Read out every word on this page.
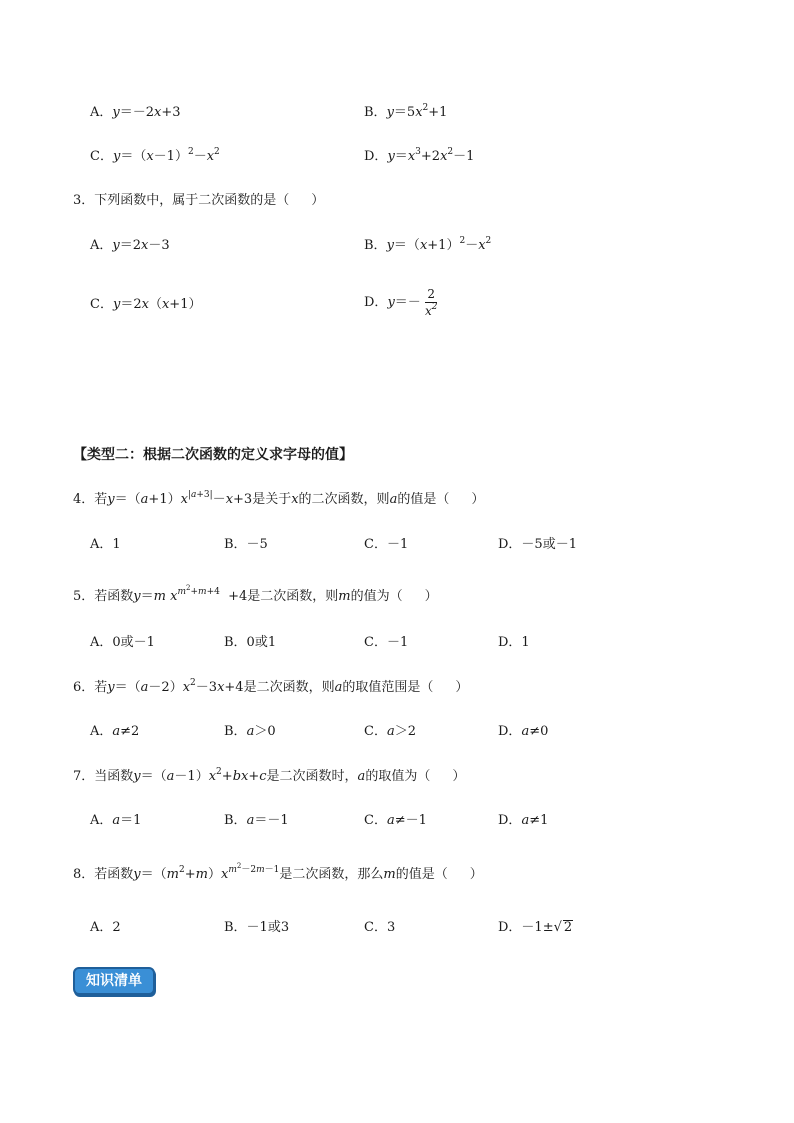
A．y＝－2x+3	B．$y=5x^2+1$
C．$y=(x-1)^2-x^2$	D．$y=x^3+2x^2-1$
3．下列函数中，属于二次函数的是（ ）
A．y＝2x－3	B．$y=(x+1)^2-x^2$
C．y＝2x（x+1）	D．$y=- \frac{2}{x^2}$
【类型二：根据二次函数的定义求字母的值】
4．若$y=(a+1)x^{|a+3|}-x+3$是关于x的二次函数，则a的值是（ ）
A．1	B．－5	C．－1	D．－5或－1
5．若函数y＝m $x^{m^2+m+4} +4$是二次函数，则m的值为（ ）
A．0或－1	B．0或1	C．－1	D．1
6．若$y=(a-2)x^2-3x+4$是二次函数，则a的取值范围是（ ）
A．a≠2	B．a＞0	C．a＞2	D．a≠0
7．当函数$y=(a-1)x^2+bx+c$是二次函数时，a的取值为（ ）
A．a＝1	B．a＝－1	C．a≠－1	D．a≠1
8．若函数$y=(m^2+m)x^{m^2-2m-1}$是二次函数，那么m的值是（ ）
A．2	B．－1或3	C．3	D．－1±√ 2
知识清单
